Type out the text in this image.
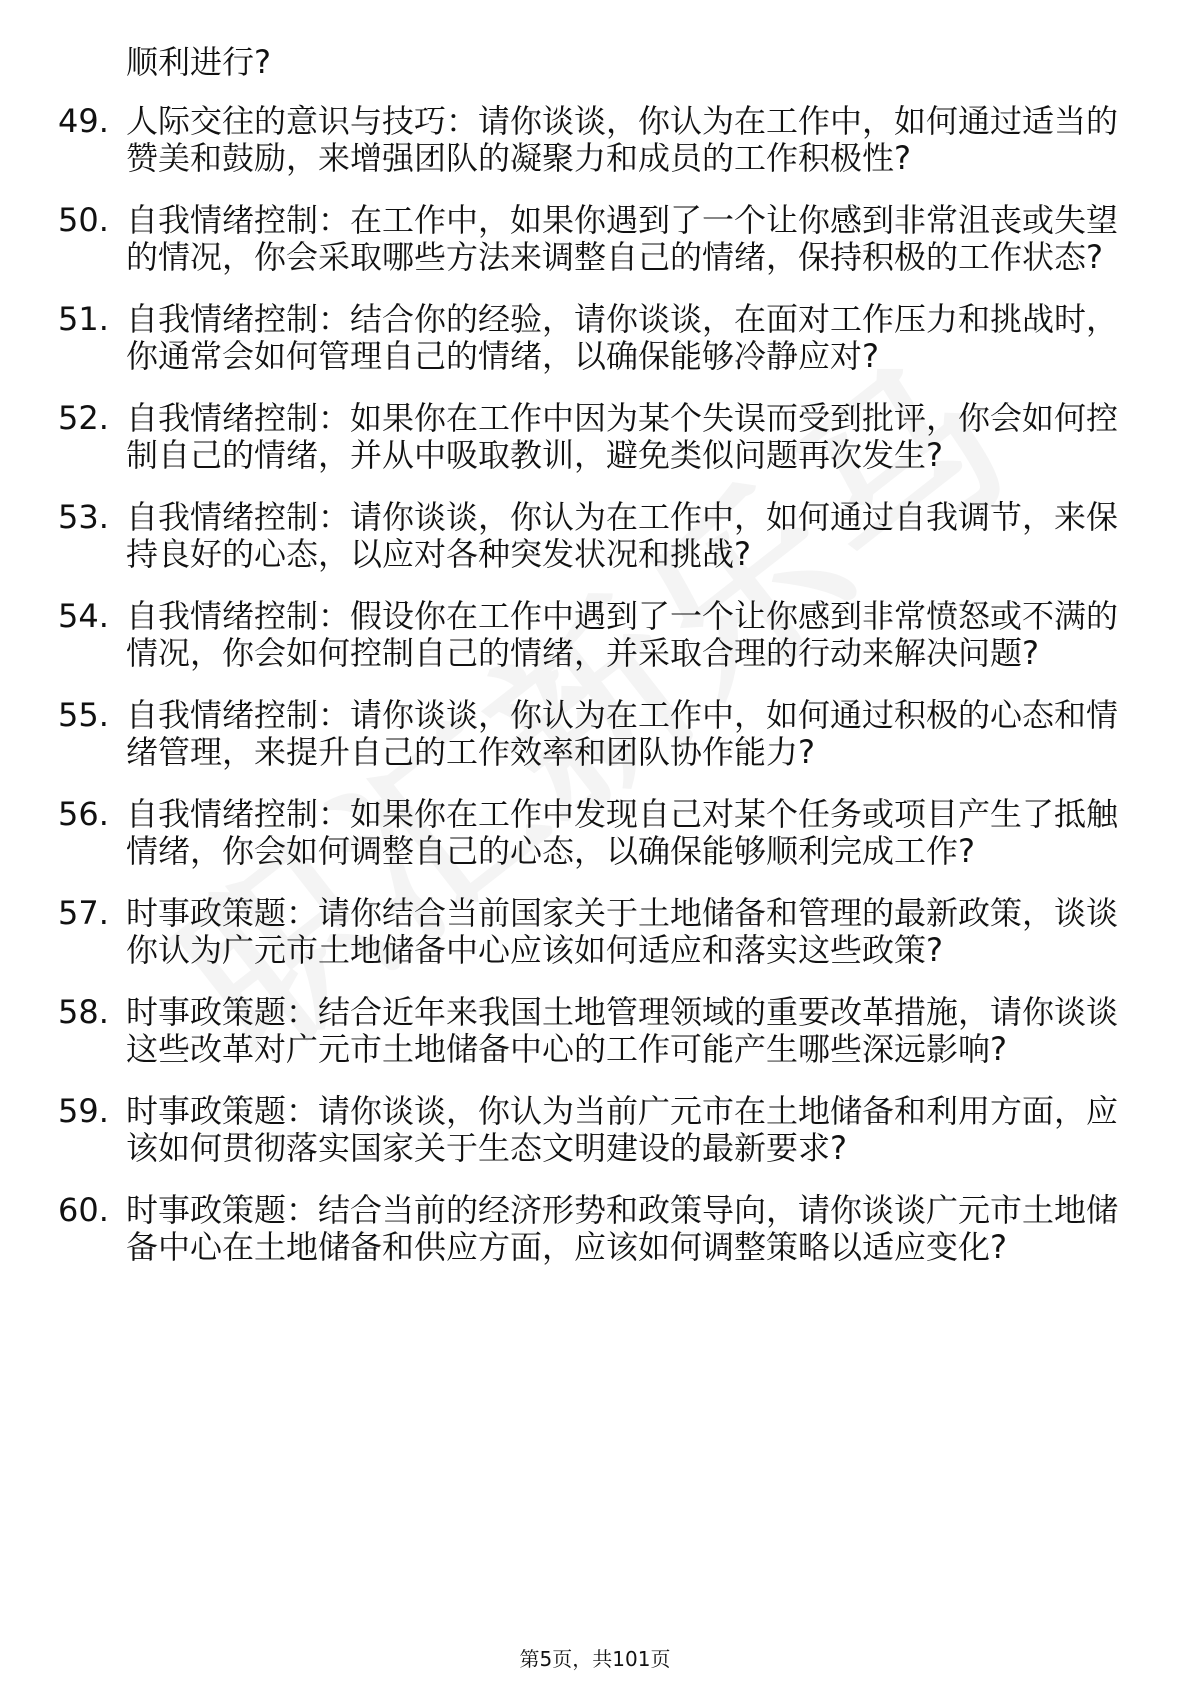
顺利进行?
49. 人际交往的意识与技巧：请你谈谈，你认为在工作中，如何通过适当的赞美和鼓励，来增强团队的凝聚力和成员的工作积极性?
50. 自我情绪控制：在工作中，如果你遇到了一个让你感到非常沮丧或失望的情况，你会采取哪些方法来调整自己的情绪，保持积极的工作状态?
51. 自我情绪控制：结合你的经验，请你谈谈，在面对工作压力和挑战时，你通常会如何管理自己的情绪，以确保能够冷静应对?
52. 自我情绪控制：如果你在工作中因为某个失误而受到批评，你会如何控制自己的情绪，并从中吸取教训，避免类似问题再次发生?
53. 自我情绪控制：请你谈谈，你认为在工作中，如何通过自我调节，来保持良好的心态，以应对各种突发状况和挑战?
54. 自我情绪控制：假设你在工作中遇到了一个让你感到非常愤怒或不满的情况，你会如何控制自己的情绪，并采取合理的行动来解决问题?
55. 自我情绪控制：请你谈谈，你认为在工作中，如何通过积极的心态和情绪管理，来提升自己的工作效率和团队协作能力?
56. 自我情绪控制：如果你在工作中发现自己对某个任务或项目产生了抵触情绪，你会如何调整自己的心态，以确保能够顺利完成工作?
57. 时事政策题：请你结合当前国家关于土地储备和管理的最新政策，谈谈你认为广元市土地储备中心应该如何适应和落实这些政策?
58. 时事政策题：结合近年来我国土地管理领域的重要改革措施，请你谈谈这些改革对广元市土地储备中心的工作可能产生哪些深远影响?
59. 时事政策题：请你谈谈，你认为当前广元市在土地储备和利用方面，应该如何贯彻落实国家关于生态文明建设的最新要求?
60. 时事政策题：结合当前的经济形势和政策导向，请你谈谈广元市土地储备中心在土地储备和供应方面，应该如何调整策略以适应变化?
第5页，共101页
